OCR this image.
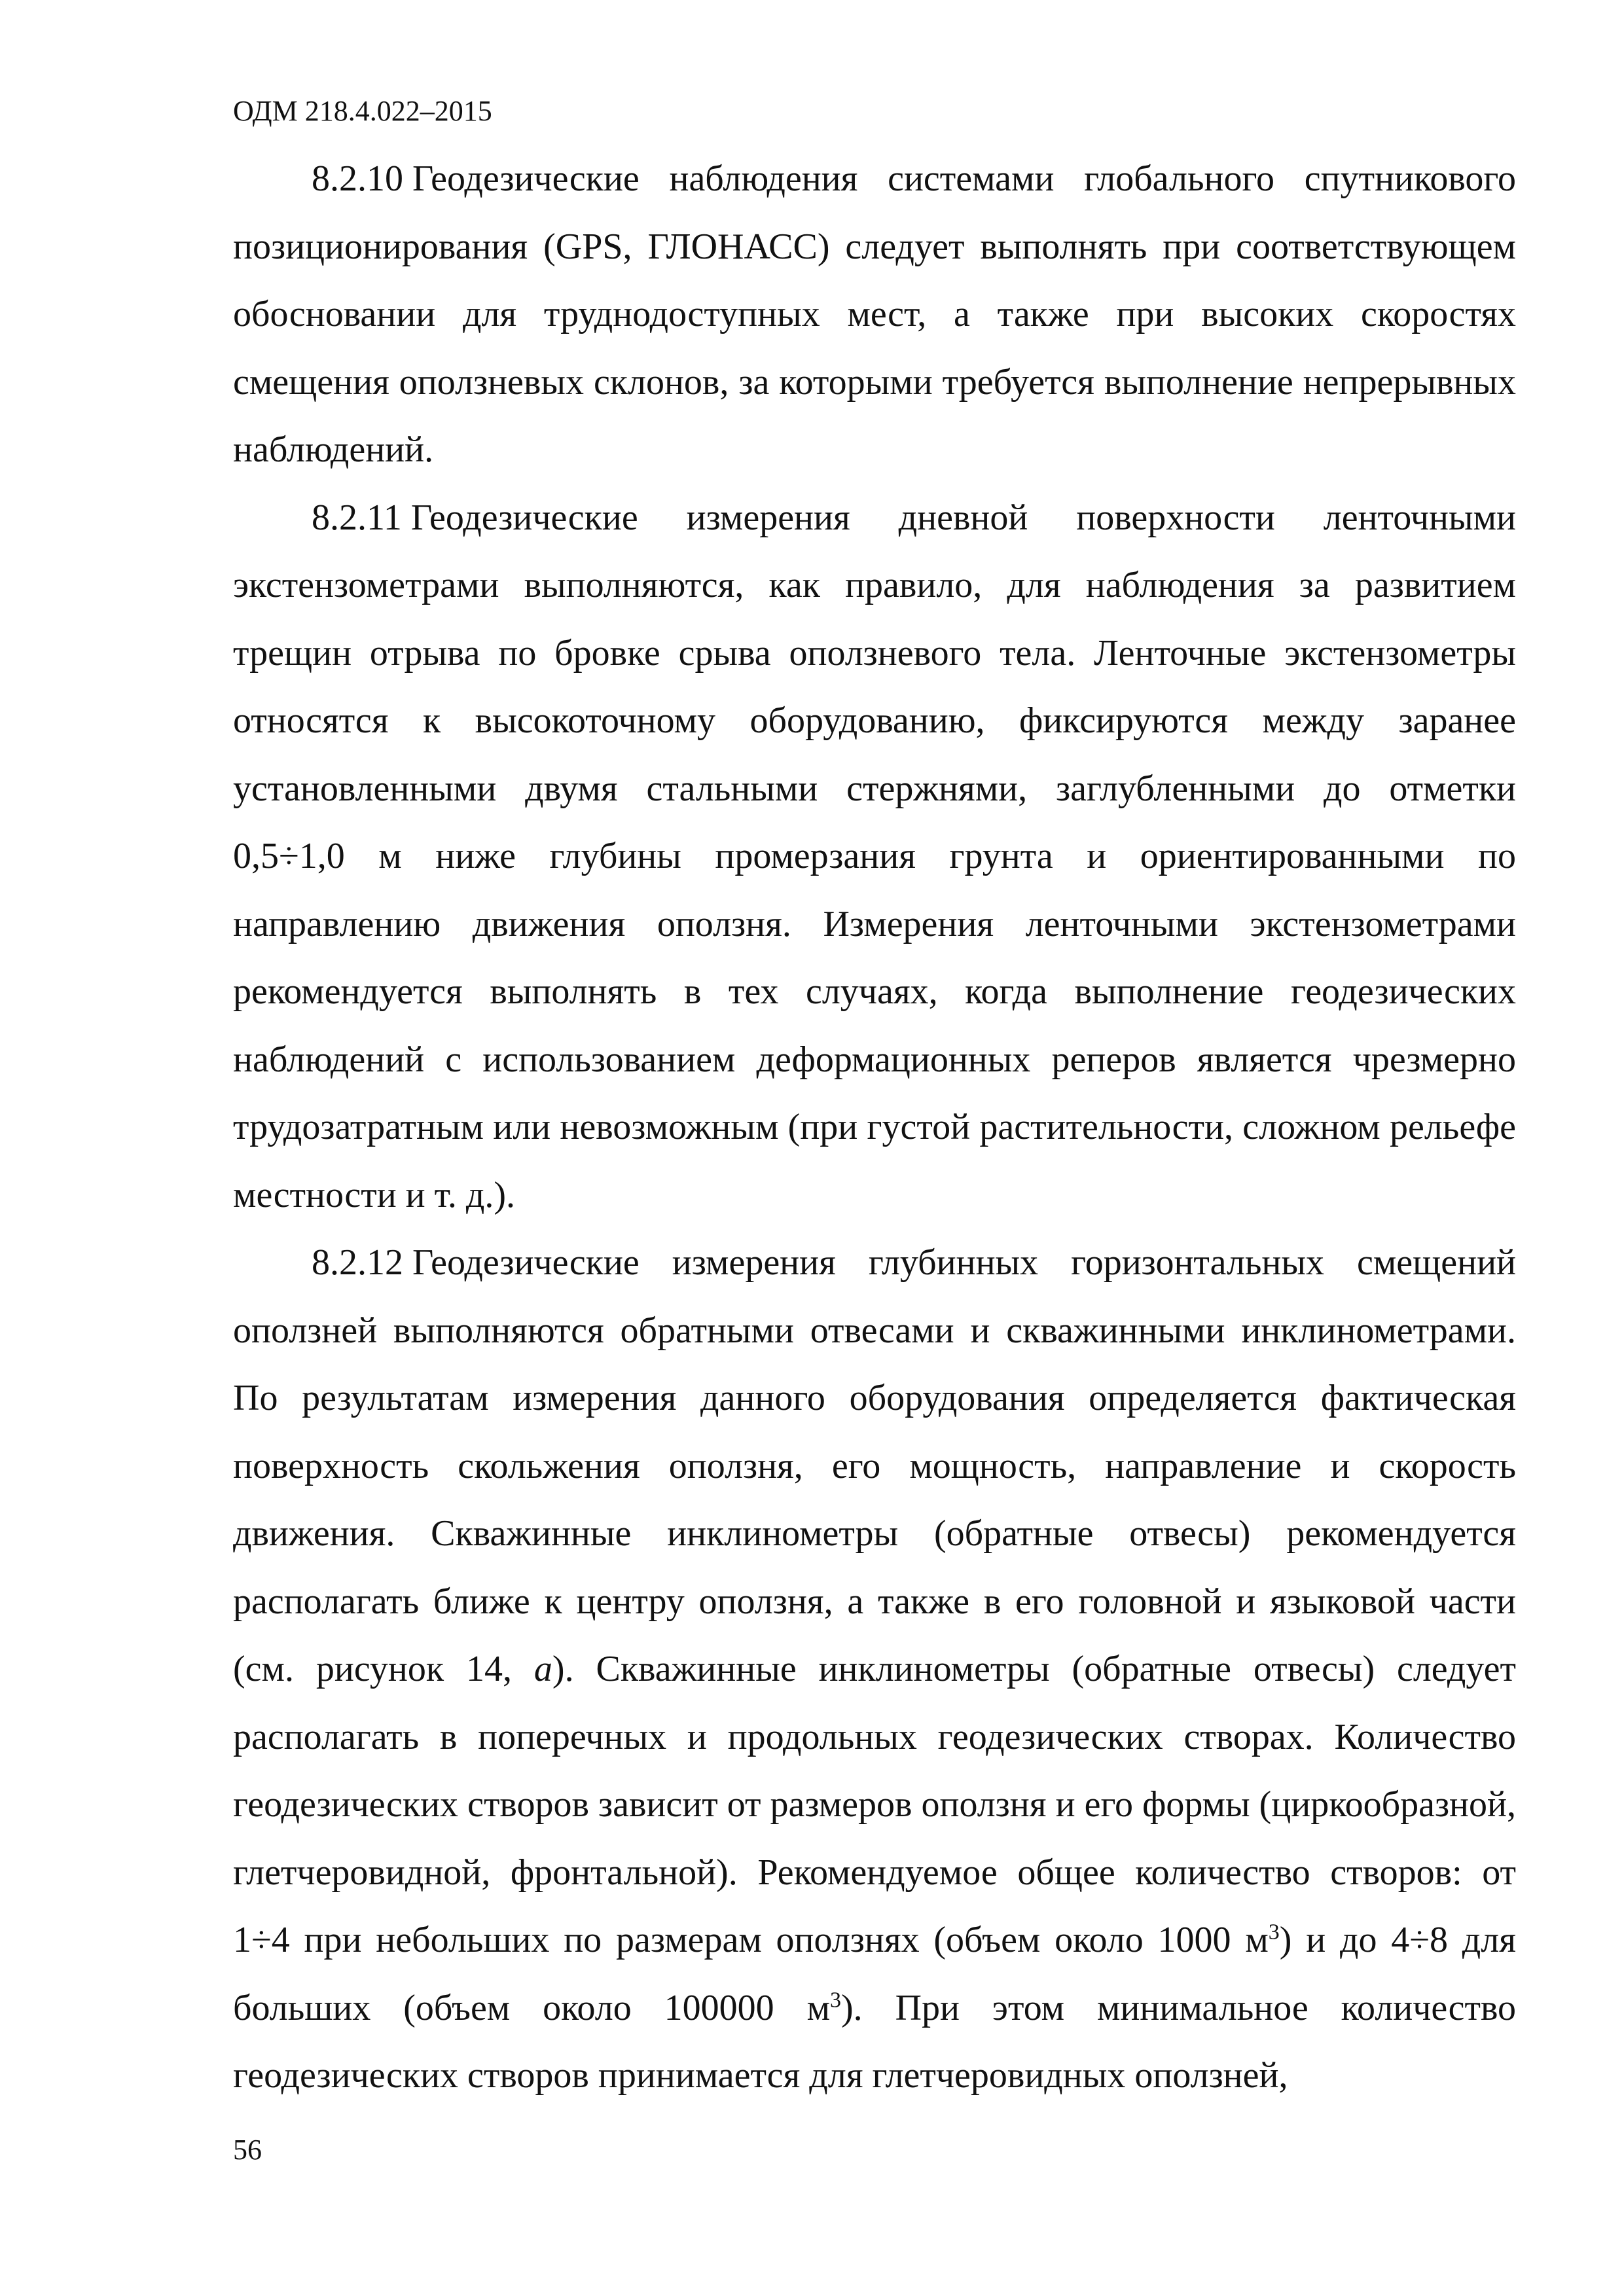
ОДМ 218.4.022–2015

8.2.10 Геодезические наблюдения системами глобального спутникового позиционирования (GPS, ГЛОНАСС) следует выполнять при соответствующем обосновании для труднодоступных мест, а также при высоких скоростях смещения оползневых склонов, за которыми требуется выполнение непрерывных наблюдений.

8.2.11 Геодезические измерения дневной поверхности ленточными экстензометрами выполняются, как правило, для наблюдения за развитием трещин отрыва по бровке срыва оползневого тела. Ленточные экстензометры относятся к высокоточному оборудованию, фиксируются между заранее установленными двумя стальными стержнями, заглубленными до отметки 0,5÷1,0 м ниже глубины промерзания грунта и ориентированными по направлению движения оползня. Измерения ленточными экстензометрами рекомендуется выполнять в тех случаях, когда выполнение геодезических наблюдений с использованием деформационных реперов является чрезмерно трудозатратным или невозможным (при густой растительности, сложном рельефе местности и т. д.).

8.2.12 Геодезические измерения глубинных горизонтальных смещений оползней выполняются обратными отвесами и скважинными инклинометрами. По результатам измерения данного оборудования определяется фактическая поверхность скольжения оползня, его мощность, направление и скорость движения. Скважинные инклинометры (обратные отвесы) рекомендуется располагать ближе к центру оползня, а также в его головной и языковой части (см. рисунок 14, а). Скважинные инклинометры (обратные отвесы) следует располагать в поперечных и продольных геодезических створах. Количество геодезических створов зависит от размеров оползня и его формы (циркообразной, глетчеровидной, фронтальной). Рекомендуемое общее количество створов: от 1÷4 при небольших по размерам оползнях (объем около 1000 $м^3$) и до 4÷8 для больших (объем около 100000 $м^3$). При этом минимальное количество геодезических створов принимается для глетчеровидных оползней,

56
